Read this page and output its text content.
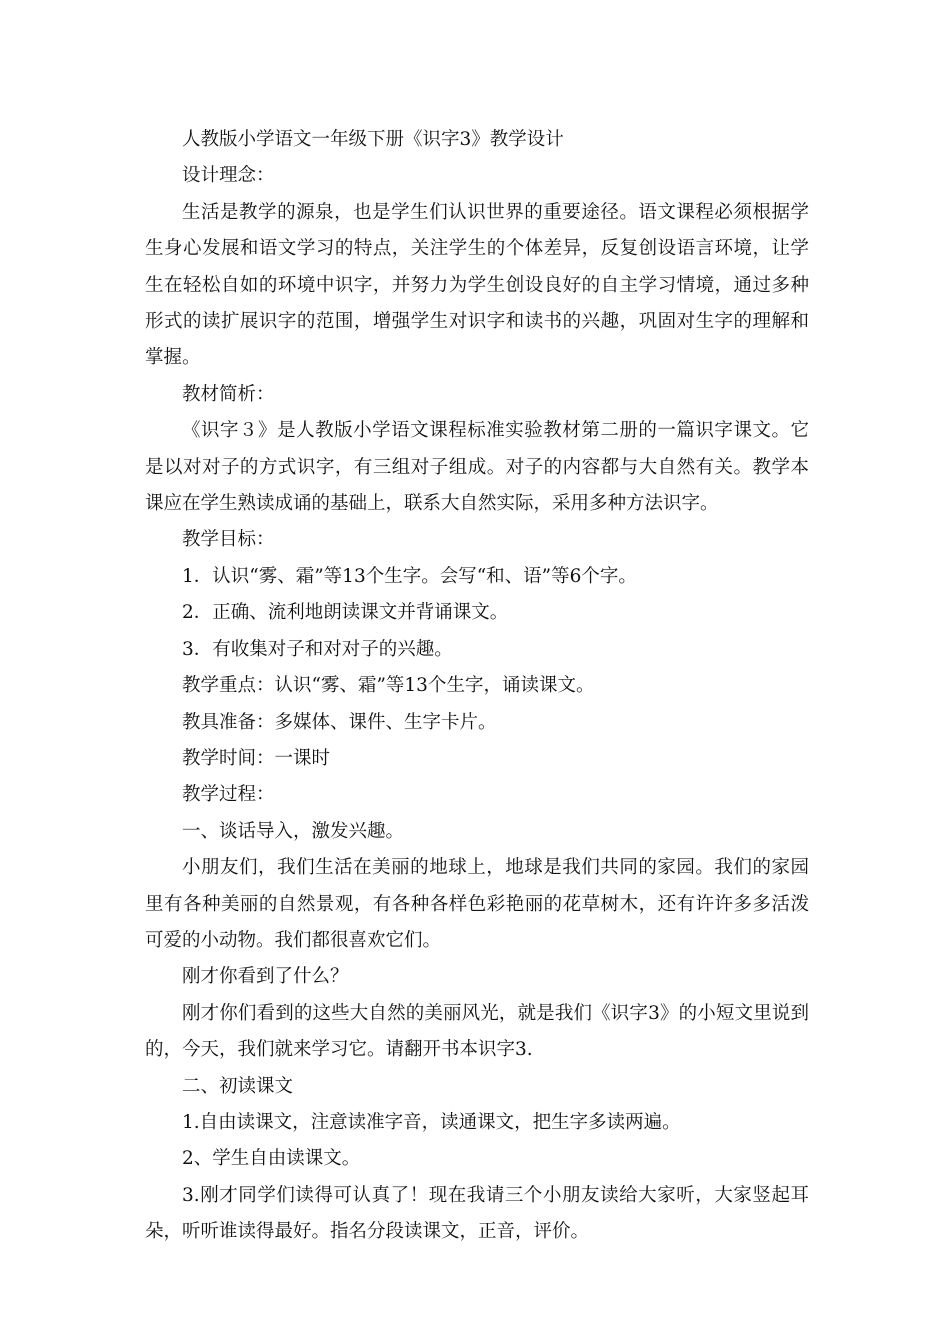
人教版小学语文一年级下册《识字3》教学设计

设计理念：

生活是教学的源泉，也是学生们认识世界的重要途径。语文课程必须根据学生身心发展和语文学习的特点，关注学生的个体差异，反复创设语言环境，让学生在轻松自如的环境中识字，并努力为学生创设良好的自主学习情境，通过多种形式的读扩展识字的范围，增强学生对识字和读书的兴趣，巩固对生字的理解和掌握。

教材简析：

《识字３》是人教版小学语文课程标准实验教材第二册的一篇识字课文。它是以对对子的方式识字，有三组对子组成。对子的内容都与大自然有关。教学本课应在学生熟读成诵的基础上，联系大自然实际，采用多种方法识字。

教学目标：

1．认识“雾、霜”等13个生字。会写“和、语”等6个字。

2．正确、流利地朗读课文并背诵课文。

3．有收集对子和对对子的兴趣。

教学重点：认识“雾、霜”等13个生字，诵读课文。

教具准备：多媒体、课件、生字卡片。

教学时间：一课时

教学过程：

一、谈话导入，激发兴趣。

小朋友们，我们生活在美丽的地球上，地球是我们共同的家园。我们的家园里有各种美丽的自然景观，有各种各样色彩艳丽的花草树木，还有许许多多活泼可爱的小动物。我们都很喜欢它们。

刚才你看到了什么？

刚才你们看到的这些大自然的美丽风光，就是我们《识字3》的小短文里说到的，今天，我们就来学习它。请翻开书本识字3.

二、初读课文

1.自由读课文，注意读准字音，读通课文，把生字多读两遍。

2、学生自由读课文。

3.刚才同学们读得可认真了！现在我请三个小朋友读给大家听，大家竖起耳朵，听听谁读得最好。指名分段读课文，正音，评价。
